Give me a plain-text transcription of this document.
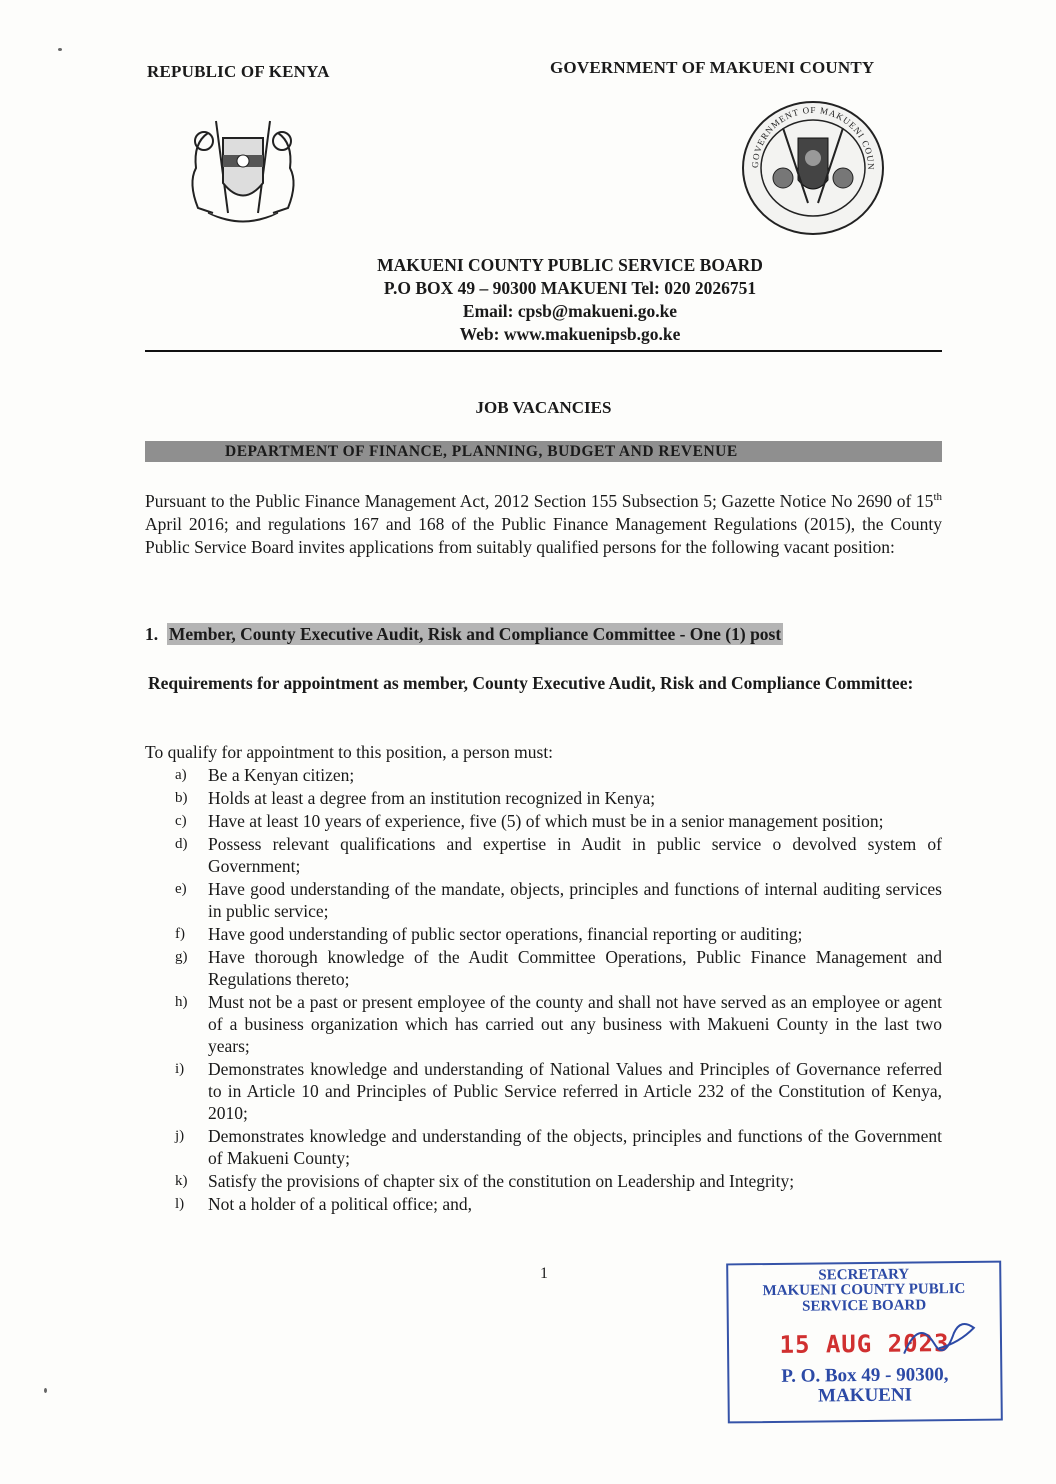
REPUBLIC OF KENYA	GOVERNMENT OF MAKUENI COUNTY
GOVERNMENT OF MAKUENI COUN
MAKUENI COUNTY PUBLIC SERVICE BOARD
P.O BOX 49 – 90300 MAKUENI Tel: 020 2026751
Email: cpsb@makueni.go.ke
Web: www.makuenipsb.go.ke
JOB VACANCIES
DEPARTMENT OF FINANCE, PLANNING, BUDGET AND REVENUE
Pursuant to the Public Finance Management Act, 2012 Section 155 Subsection 5; Gazette Notice No 2690 of 15th April 2016; and regulations 167 and 168 of the Public Finance Management Regulations (2015), the County Public Service Board invites applications from suitably qualified persons for the following vacant position:
1. Member, County Executive Audit, Risk and Compliance Committee - One (1) post
Requirements for appointment as member, County Executive Audit, Risk and Compliance Committee:
To qualify for appointment to this position, a person must:
a) Be a Kenyan citizen;
b) Holds at least a degree from an institution recognized in Kenya;
c) Have at least 10 years of experience, five (5) of which must be in a senior management position;
d) Possess relevant qualifications and expertise in Audit in public service o devolved system of Government;
e) Have good understanding of the mandate, objects, principles and functions of internal auditing services in public service;
f) Have good understanding of public sector operations, financial reporting or auditing;
g) Have thorough knowledge of the Audit Committee Operations, Public Finance Management and Regulations thereto;
h) Must not be a past or present employee of the county and shall not have served as an employee or agent of a business organization which has carried out any business with Makueni County in the last two years;
i) Demonstrates knowledge and understanding of National Values and Principles of Governance referred to in Article 10 and Principles of Public Service referred in Article 232 of the Constitution of Kenya, 2010;
j) Demonstrates knowledge and understanding of the objects, principles and functions of the Government of Makueni County;
k) Satisfy the provisions of chapter six of the constitution on Leadership and Integrity;
l) Not a holder of a political office; and,
1	SECRETARY
MAKUENI COUNTY PUBLIC
SERVICE BOARD
15 AUG 2023
P. O. Box 49 - 90300,
MAKUENI
